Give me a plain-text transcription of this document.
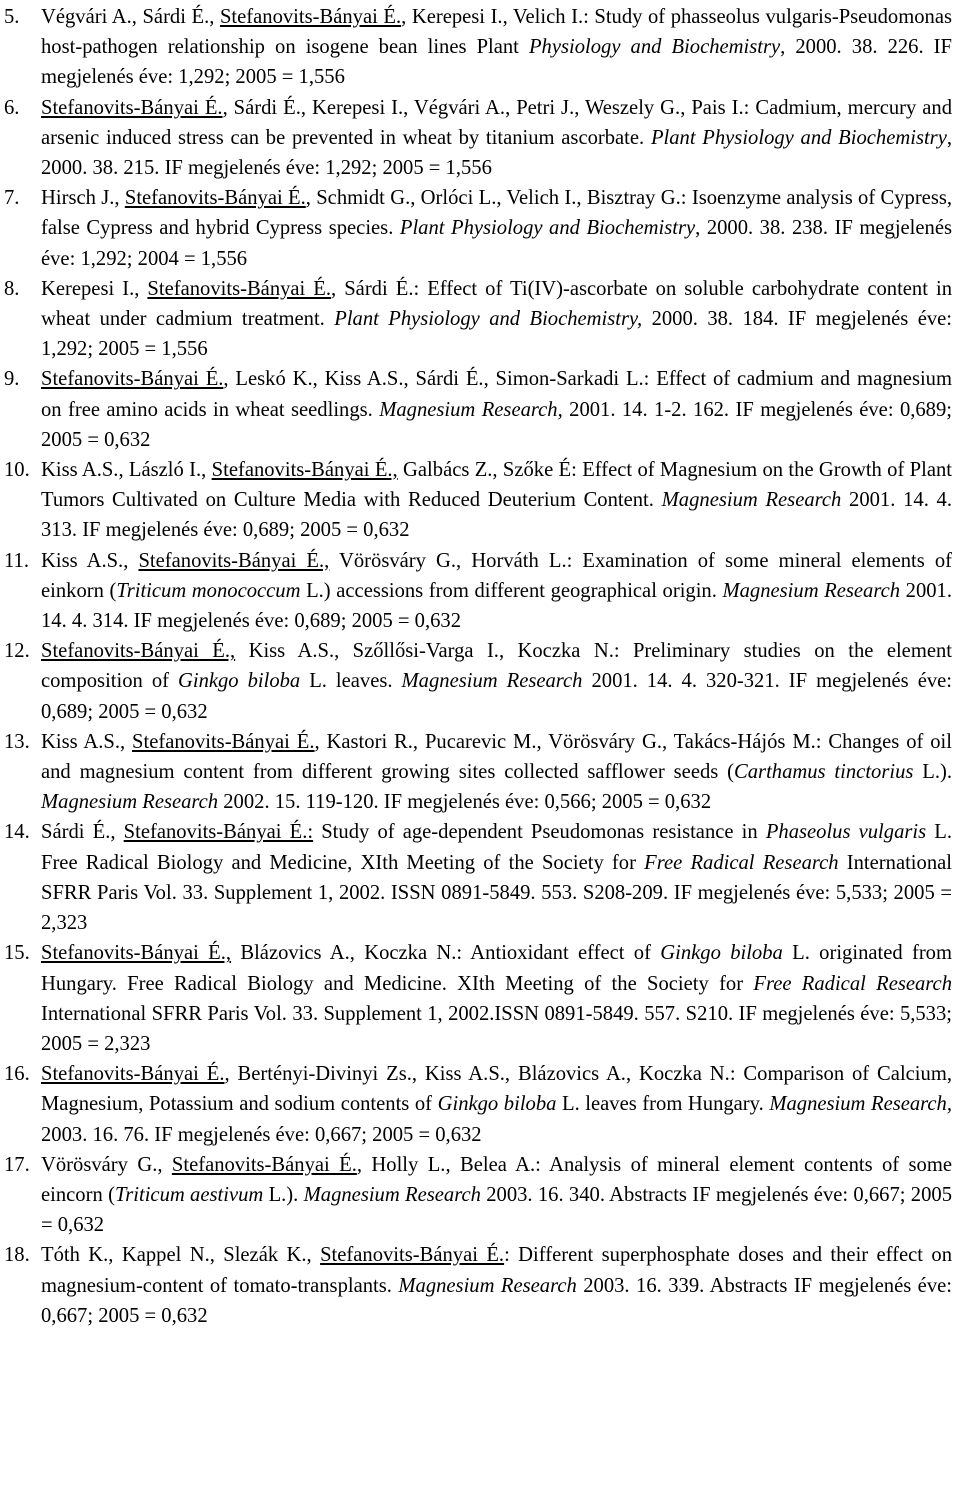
5.	Végvári A., Sárdi É., Stefanovits-Bányai É., Kerepesi I., Velich I.: Study of phasseolus vulgaris-Pseudomonas host-pathogen relationship on isogene bean lines Plant Physiology and Biochemistry, 2000. 38. 226. IF megjelenés éve: 1,292; 2005 = 1,556
6.	Stefanovits-Bányai É., Sárdi É., Kerepesi I., Végvári A., Petri J., Weszely G., Pais I.: Cadmium, mercury and arsenic induced stress can be prevented in wheat by titanium ascorbate. Plant Physiology and Biochemistry, 2000. 38. 215. IF megjelenés éve: 1,292; 2005 = 1,556
7.	Hirsch J., Stefanovits-Bányai É., Schmidt G., Orlóci L., Velich I., Bisztray G.: Isoenzyme analysis of Cypress, false Cypress and hybrid Cypress species. Plant Physiology and Biochemistry, 2000. 38. 238. IF megjelenés éve: 1,292; 2004 = 1,556
8.	Kerepesi I., Stefanovits-Bányai É., Sárdi É.: Effect of Ti(IV)-ascorbate on soluble carbohydrate content in wheat under cadmium treatment. Plant Physiology and Biochemistry, 2000. 38. 184. IF megjelenés éve: 1,292; 2005 = 1,556
9.	Stefanovits-Bányai É., Leskó K., Kiss A.S., Sárdi É., Simon-Sarkadi L.: Effect of cadmium and magnesium on free amino acids in wheat seedlings. Magnesium Research, 2001. 14. 1-2. 162. IF megjelenés éve: 0,689; 2005 = 0,632
10. Kiss A.S., László I., Stefanovits-Bányai É., Galbács Z., Szőke É: Effect of Magnesium on the Growth of Plant Tumors Cultivated on Culture Media with Reduced Deuterium Content. Magnesium Research 2001. 14. 4. 313. IF megjelenés éve: 0,689; 2005 = 0,632
11. Kiss A.S., Stefanovits-Bányai É., Vörösváry G., Horváth L.: Examination of some mineral elements of einkorn (Triticum monococcum L.) accessions from different geographical origin. Magnesium Research 2001. 14. 4. 314. IF megjelenés éve: 0,689; 2005 = 0,632
12. Stefanovits-Bányai É., Kiss A.S., Szőllősi-Varga I., Koczka N.: Preliminary studies on the element composition of Ginkgo biloba L. leaves. Magnesium Research 2001. 14. 4. 320-321. IF megjelenés éve: 0,689; 2005 = 0,632
13. Kiss A.S., Stefanovits-Bányai É., Kastori R., Pucarevic M., Vörösváry G., Takács-Hájós M.: Changes of oil and magnesium content from different growing sites collected safflower seeds (Carthamus tinctorius L.). Magnesium Research 2002. 15. 119-120. IF megjelenés éve: 0,566; 2005 = 0,632
14. Sárdi É., Stefanovits-Bányai É.: Study of age-dependent Pseudomonas resistance in Phaseolus vulgaris L. Free Radical Biology and Medicine, XIth Meeting of the Society for Free Radical Research International SFRR Paris Vol. 33. Supplement 1, 2002. ISSN 0891-5849. 553. S208-209. IF megjelenés éve: 5,533; 2005 = 2,323
15. Stefanovits-Bányai É., Blázovics A., Koczka N.: Antioxidant effect of Ginkgo biloba L. originated from Hungary. Free Radical Biology and Medicine. XIth Meeting of the Society for Free Radical Research International SFRR Paris Vol. 33. Supplement 1, 2002.ISSN 0891-5849. 557. S210. IF megjelenés éve: 5,533; 2005 = 2,323
16. Stefanovits-Bányai É., Bertényi-Divinyi Zs., Kiss A.S., Blázovics A., Koczka N.: Comparison of Calcium, Magnesium, Potassium and sodium contents of Ginkgo biloba L. leaves from Hungary. Magnesium Research, 2003. 16. 76. IF megjelenés éve: 0,667; 2005 = 0,632
17. Vörösváry G., Stefanovits-Bányai É., Holly L., Belea A.: Analysis of mineral element contents of some eincorn (Triticum aestivum L.). Magnesium Research 2003. 16. 340. Abstracts IF megjelenés éve: 0,667; 2005 = 0,632
18. Tóth K., Kappel N., Slezák K., Stefanovits-Bányai É.: Different superphosphate doses and their effect on magnesium-content of tomato-transplants. Magnesium Research 2003. 16. 339. Abstracts IF megjelenés éve: 0,667; 2005 = 0,632
